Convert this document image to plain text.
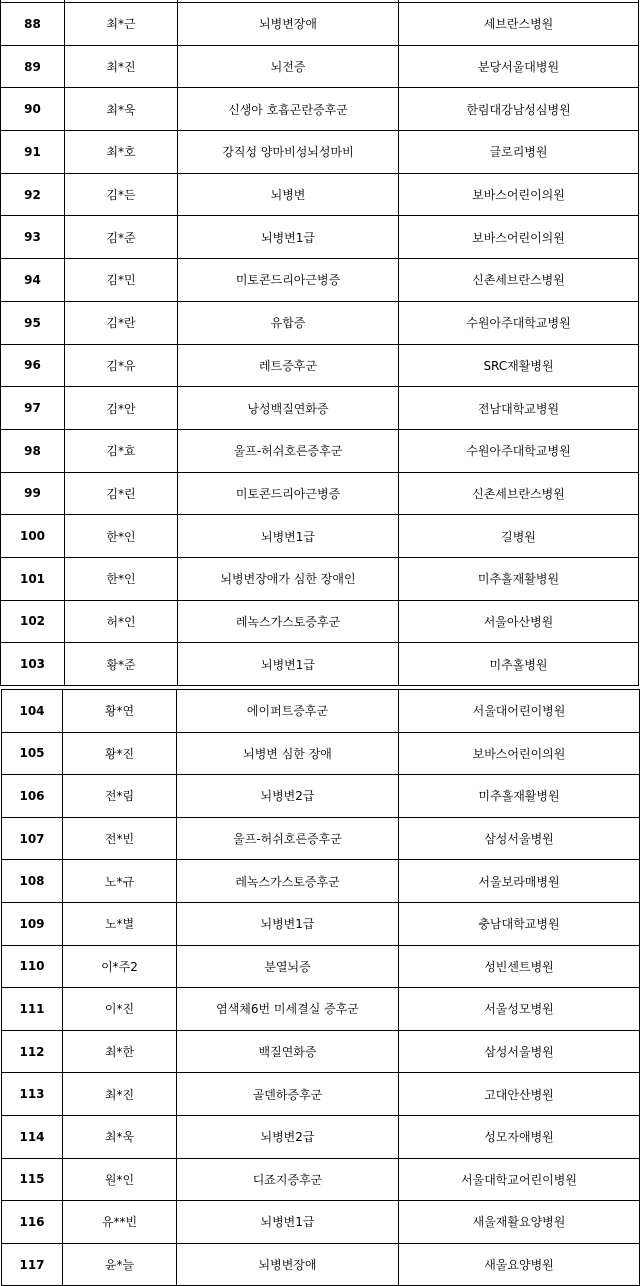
88	최*근	뇌병변장애	세브란스병원
89	최*진	뇌전증	분당서울대병원
90	최*욱	신생아 호흡곤란증후군	한림대강남성심병원
91	최*호	강직성 양마비성뇌성마비	글로리병원
92	김*든	뇌병변	보바스어린이의원
93	김*준	뇌병변1급	보바스어린이의원
94	김*민	미토콘드리아근병증	신촌세브란스병원
95	김*란	유합증	수원아주대학교병원
96	김*유	레트증후군	SRC재활병원
97	김*안	낭성백질연화증	전남대학교병원
98	김*효	울프-허쉬호른증후군	수원아주대학교병원
99	김*린	미토콘드리아근병증	신촌세브란스병원
100	한*인	뇌병변1급	길병원
101	한*인	뇌병변장애가 심한 장애인	미추홀재활병원
102	허*인	레녹스가스토증후군	서울아산병원
103	황*준	뇌병변1급	미추홀병원
104	황*연	에이퍼트증후군	서울대어린이병원
105	황*진	뇌병변 심한 장애	보바스어린이의원
106	전*림	뇌병변2급	미추홀재활병원
107	전*빈	울프-허쉬호른증후군	삼성서울병원
108	노*규	레녹스가스토증후군	서울보라매병원
109	노*별	뇌병변1급	충남대학교병원
110	이*주2	분열뇌증	성빈센트병원
111	이*진	염색체6번 미세결실 증후군	서울성모병원
112	최*한	백질연화증	삼성서울병원
113	최*진	골덴하증후군	고대안산병원
114	최*욱	뇌병변2급	성모자애병원
115	원*인	디죠지증후군	서울대학교어린이병원
116	유**빈	뇌병변1급	새울재활요양병원
117	윤*늘	뇌병변장애	새울요양병원
